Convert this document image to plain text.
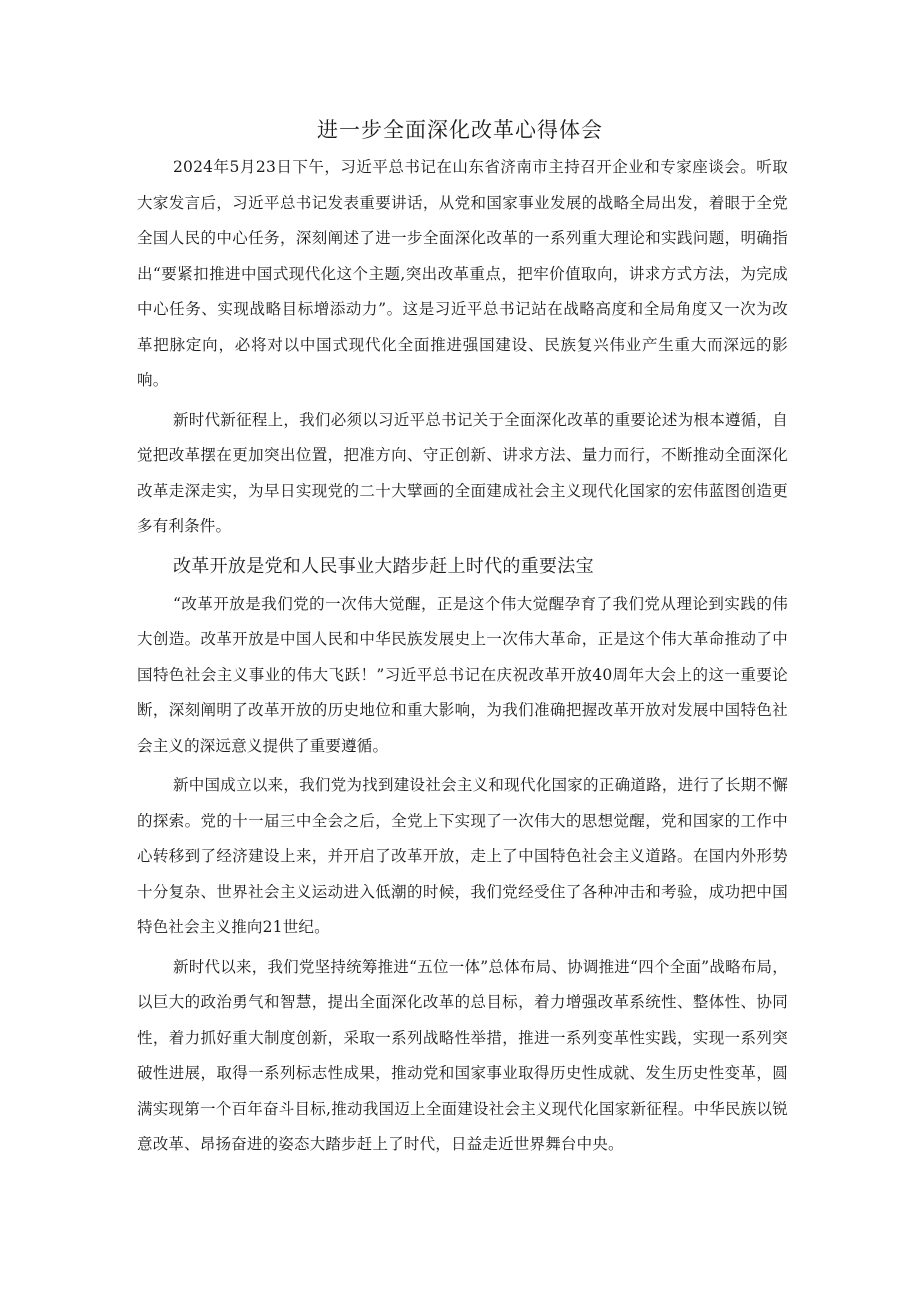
进一步全面深化改革心得体会

2024年5月23日下午，习近平总书记在山东省济南市主持召开企业和专家座谈会。听取大家发言后，习近平总书记发表重要讲话，从党和国家事业发展的战略全局出发，着眼于全党全国人民的中心任务，深刻阐述了进一步全面深化改革的一系列重大理论和实践问题，明确指出“要紧扣推进中国式现代化这个主题,突出改革重点，把牢价值取向，讲求方式方法，为完成中心任务、实现战略目标增添动力”。这是习近平总书记站在战略高度和全局角度又一次为改革把脉定向，必将对以中国式现代化全面推进强国建设、民族复兴伟业产生重大而深远的影响。

新时代新征程上，我们必须以习近平总书记关于全面深化改革的重要论述为根本遵循，自觉把改革摆在更加突出位置，把准方向、守正创新、讲求方法、量力而行，不断推动全面深化改革走深走实，为早日实现党的二十大擘画的全面建成社会主义现代化国家的宏伟蓝图创造更多有利条件。

改革开放是党和人民事业大踏步赶上时代的重要法宝

“改革开放是我们党的一次伟大觉醒，正是这个伟大觉醒孕育了我们党从理论到实践的伟大创造。改革开放是中国人民和中华民族发展史上一次伟大革命，正是这个伟大革命推动了中国特色社会主义事业的伟大飞跃！”习近平总书记在庆祝改革开放40周年大会上的这一重要论断，深刻阐明了改革开放的历史地位和重大影响，为我们准确把握改革开放对发展中国特色社会主义的深远意义提供了重要遵循。

新中国成立以来，我们党为找到建设社会主义和现代化国家的正确道路，进行了长期不懈的探索。党的十一届三中全会之后，全党上下实现了一次伟大的思想觉醒，党和国家的工作中心转移到了经济建设上来，并开启了改革开放，走上了中国特色社会主义道路。在国内外形势十分复杂、世界社会主义运动进入低潮的时候，我们党经受住了各种冲击和考验，成功把中国特色社会主义推向21世纪。

新时代以来，我们党坚持统筹推进“五位一体”总体布局、协调推进“四个全面”战略布局，以巨大的政治勇气和智慧，提出全面深化改革的总目标，着力增强改革系统性、整体性、协同性，着力抓好重大制度创新，采取一系列战略性举措，推进一系列变革性实践，实现一系列突破性进展，取得一系列标志性成果，推动党和国家事业取得历史性成就、发生历史性变革，圆满实现第一个百年奋斗目标,推动我国迈上全面建设社会主义现代化国家新征程。中华民族以锐意改革、昂扬奋进的姿态大踏步赶上了时代，日益走近世界舞台中央。
